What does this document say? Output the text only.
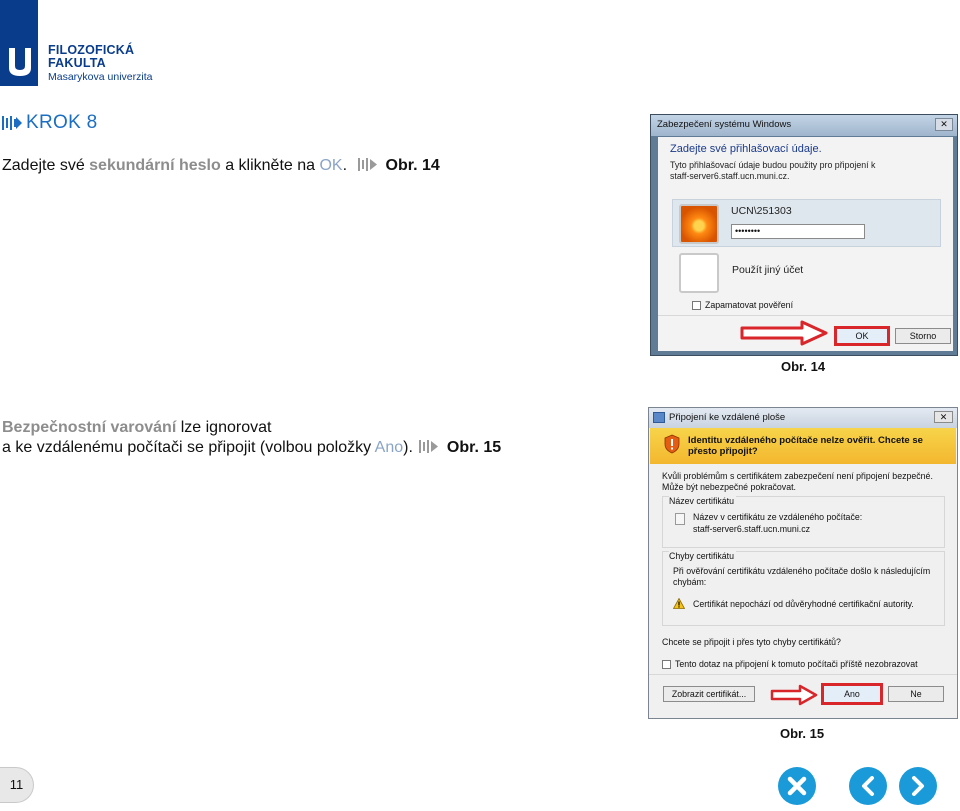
FILOZOFICKÁ
FAKULTA
Masarykova univerzita
KROK 8
Zadejte své sekundární heslo a klikněte na OK. Obr. 14
Zabezpečení systému Windows	✕
Zadejte své přihlašovací údaje.
Tyto přihlašovací údaje budou použity pro připojení k
staff-server6.staff.ucn.muni.cz.
UCN\251303
••••••••
Použít jiný účet
Zapamatovat pověření
OK	Storno
Obr. 14
Bezpečnostní varování lze ignorovat
a ke vzdálenému počítači se připojit (volbou položky Ano). Obr. 15
Připojení ke vzdálené ploše	✕
Identitu vzdáleného počítače nelze ověřit. Chcete se
přesto připojit?
Kvůli problémům s certifikátem zabezpečení není připojení bezpečné.
Může být nebezpečné pokračovat.
Název certifikátu
Název v certifikátu ze vzdáleného počítače:
staff-server6.staff.ucn.muni.cz
Chyby certifikátu
Při ověřování certifikátu vzdáleného počítače došlo k následujícím
chybám:
Certifikát nepochází od důvěryhodné certifikační autority.
Chcete se připojit i přes tyto chyby certifikátů?
Tento dotaz na připojení k tomuto počítači příště nezobrazovat
Zobrazit certifikát...	Ano	Ne
Obr. 15
11
